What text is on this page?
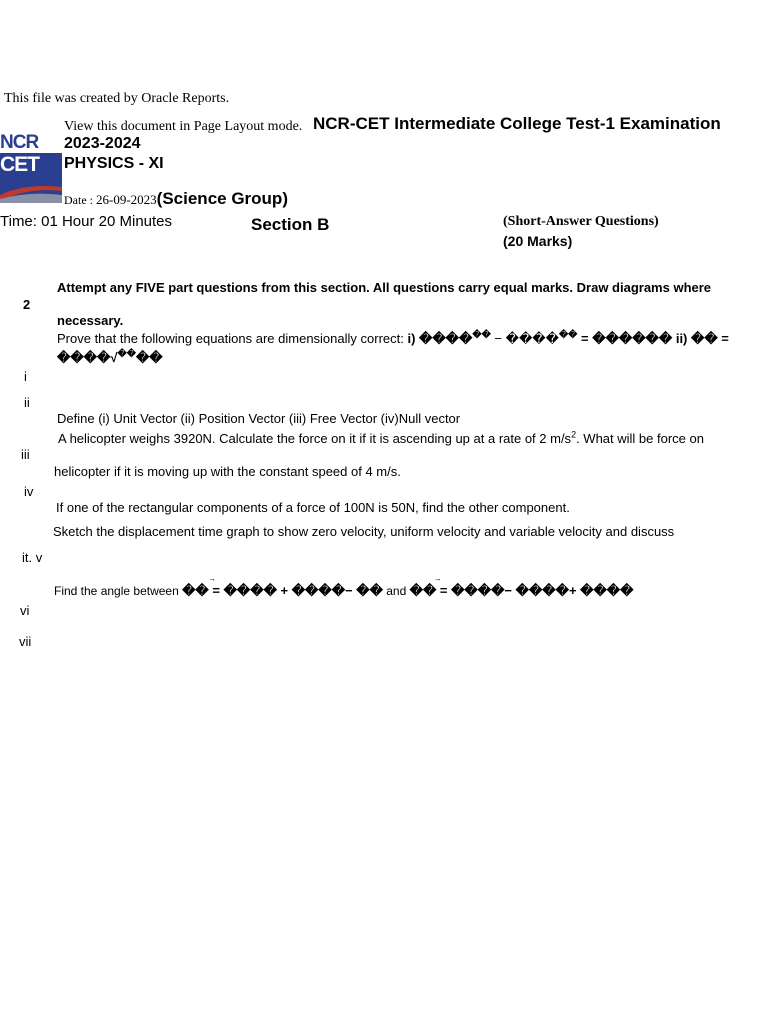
This file was created by Oracle Reports.
NCR
CET
View this document in Page Layout mode. NCR-CET Intermediate College Test-1 Examination
2023-2024
PHYSICS - XI
Date : 26-09-2023(Science Group)
Time: 01 Hour 20 Minutes	Section B	(Short-Answer Questions)
(20 Marks)
2
Attempt any FIVE part questions from this section. All questions carry equal marks. Draw diagrams where
necessary.
Prove that the following equations are dimensionally correct: i) ������ − ������ = ������ ii) �� =
����√����
i
ii
Define (i) Unit Vector (ii) Position Vector (iii) Free Vector (iv)Null vector
A helicopter weighs 3920N. Calculate the force on it if it is ascending up at a rate of 2 $m/s^2$. What will be force on
iii
helicopter if it is moving up with the constant speed of 4 m/s.
iv
If one of the rectangular components of a force of 100N is 50N, find the other component.
Sketch the displacement time graph to show zero velocity, uniform velocity and variable velocity and discuss
it. v
Find the angle between ��
→
= ���� + ����− �� and ��
→
= ����− ����+ ����
vi
vii
